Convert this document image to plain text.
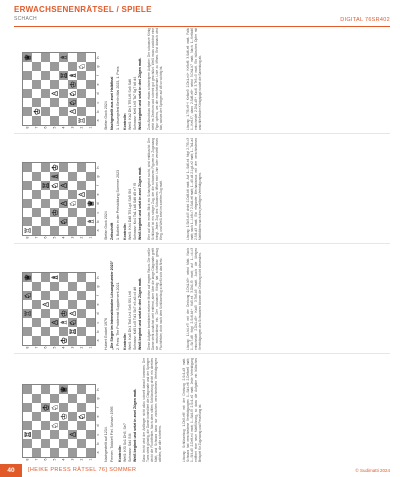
ERWACHSENENRÄTSEL / SPIELE
SCHACH	DIGITAL 76SR402
a
8
b
7
c
6
d
5
e
4
f
3
g
2
h
1
♔
♖
♕
♘
♘
♘
♙
♔
Nachgestellt auf 1234. Fernen: Tobbiefl Fiel. Schach 1995 Kontrolle: Weiß: Kf3 Sc1 Dh5, Se7 Schwarz: Sd4 Sf4 Weiß beginnt und setzt in zwei Zügen matt. Ganz leicht wird der Anfänger nicht allzu schnell darauf kommen: Der Turm steht günstig, die Dame kontrolliert die Diagonale und der Springer deckt die Fluchtfelder. Nach dem stillen Schlüsselzug droht ein direktes Matt, und Schwarz kann nur zwischen verschiedenen Verteidigungen wählen, die alle scheitern.	Lösung: Schlüsselzug 1.Dh5-e8! mit der Drohung 2.Sc1-d3 matt. Schwarz hat verschiedene Verteidigungen: 1...Sd4-e6 2.De8xe6 matt; 1...Sf4-d5 2.De8-e4 matt; 1...Sd4-f5 2.Sc1-e2 matt. Jede Verteidigung eröffnet eine neue Mattführung, so dass die Aufgabe ein hübsches Beispiel für Zugzwang und Fesselung ist.
a
8
b
7
c
6
d
5
e
4
f
3
g
2
h
1
♔
♕
♖
♗
♘
♘
♔
♗
♖
♙
♙
♙
Hubert Gockel 1976 „Die Sieger im Internationalen Lösungsturnier 2023" 2. Preis: The Problemist Supplement 2021 Kontrolle: Weiß: Ka5 Dh1 Tb6 Lh4 Sc6 Sf1 Lh6 Schwarz: Kd5 Lc5 Td1 Sb7 e3 a3 c4 d6 Weiß beginnt und setzt in drei Zügen matt. Diese Aufgabe kombiniert mehrere Motive auf engem Raum. Die weiße Dame steht zunächst weit entfernt, aber über die lange Diagonale greift sie entscheidend ein. Der schwarze König hat scheinbar genug Fluchtfelder, doch nach dem Schlüsselzug schließt sich das Netz.	Lösung: 1.Lh4-e7! mit der Drohung 2.Dh1-h5+ nebst Matt. Nach 1...Sb7-d8 folgt 2.Sc6-b4+ Kd5-e4 3.Dh1-f3 matt; auf 1...c4-c3 entscheidet 2.Dh1-d5+ Kxd5 3.Tb6-b5 matt. Auch die übrigen Verteidigungen des Schwarzen können die Drohung nicht abwenden.
a
8
b
7
c
6
d
5
e
4
f
3
g
2
h
1
♔
♕
♖
♗
♘
♘
♔
♖
♗
♘
♙
♙
♙
Stefan Gock 2024 Zeitschrift 1. Bulletin in der Preisbildung Sommer 2023 Kontrolle: Weiß: Kh4 Dd8 Tf3 Lg4 Sb5 Sf4 Schwarz: Kc4 Ta1 Lb8 Sd6 d5 e7 f5 Weiß beginnt und setzt in zwei Zügen matt. Wer auf den ersten Blick ein Schachgebot sucht, wird enttäuscht: Der Schlüssel ist ein ruhiger Zug, der die schwarzen Figuren in Zugzwang bringt. Jeder Zug des Schwarzen öffnet eine Linie oder verstellt einen Weg, und Weiß setzt im zweiten Zug matt.	Lösung: 1.Sb5-d4!! droht 2.Dd8-b6 matt. Auf 1...Sd6-e4 folgt 2.Tf3-c3 matt; nach 1...Lb8-c7 2.Sd4-e6 matt; 1...d5-d4 2.Lg4-e2 matt; 1...Ta1-a4 2.Sf4-d3 matt. Ein eleganter Mechanismus mit vier verschiedenen Mattbildern nach den jeweiligen Verteidigungen.
a
8
b
7
c
6
d
5
e
4
f
3
g
2
h
1
♔
♕
♖ ♗
♘
♘
♔
♗
♖
♘
♙
♙
Stefan Gock 2024 Nachgestellt aus zwei Halbfinal 1. Lösungsfest Berlin Mai 2023, 1. Preis Kontrolle: Weiß: Kb2 Dh1 Tf5 Lf6 Sc6 Sd6 Schwarz: Ke6 Lh5 Ta7 Sg7 b6 d4 Weiß beginnt und setzt in drei Zügen matt. Zum Abschluss eine etwas schwierigere Aufgabe: Der schwarze König steht im Zentrum und scheint gut geschützt. Weiß muss zunächst eine Figur opfern, um die entscheidende Linie zu öffnen. Erst danach wird klar, warum der Springer auf d6 so wichtig ist.	Lösung: 1.Tf5-e5+! Ke6xe5 2.Dh1-e4+ Ke5xf6 3.Sd6-e8 matt. Falls 1...Ke6-f7, dann 2.Sd6-e8+ nebst 3.Dh1-h7 matt. Nach 1...Ke6xd6 entscheidet 2.Dh1-d5+ Kxc6 3.Te5-c5 matt. Ein hübsches Opfer mit anschließender Königsjagd rundet die Sammlung ab.
40	[HEIKE PRESS RÄTSEL 76] SOMMER	© Sudimatti 2024
